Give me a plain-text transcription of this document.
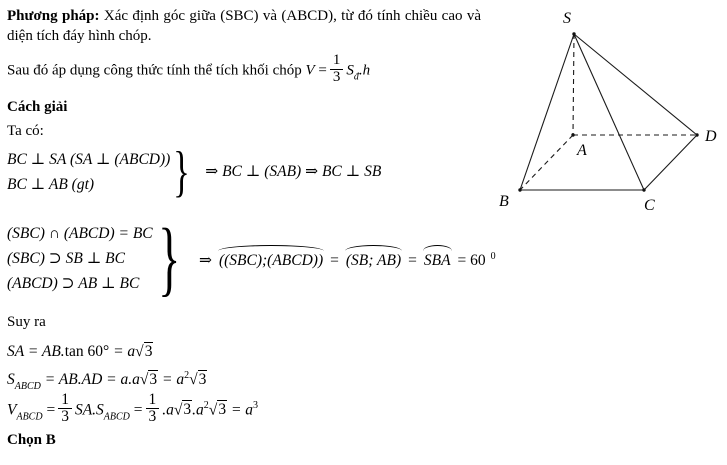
Phương pháp: Xác định góc giữa (SBC) và (ABCD), từ đó tính chiều cao và diện tích đáy hình chóp.

Sau đó áp dụng công thức tính thể tích khối chóp $V = \frac{1}{3} S_đ.h$
Cách giải
Ta có:
BC ⊥ SA (SA ⊥ (ABCD))
BC ⊥ AB (gt)	} ⇒ BC ⊥ (SAB) ⇒ BC ⊥ SB
(SBC) ∩ (ABCD) = BC
(SBC) ⊃ SB ⊥ BC
(ABCD) ⊃ AB ⊥ BC } ⇒ ((SBC);(ABCD)) = (SB; AB) = SBA = 60 $^0$
Suy ra
SA = AB.tan 60° = a√3
$S_{ABCD} = AB.AD = a.a√3 = a^2√3$
$V_{ABCD} = \frac{1}{3} SA.S_{ABCD} = \frac{1}{3} .a√3.a^2√3 = a^3$
Chọn B
S
A
B	C
D
